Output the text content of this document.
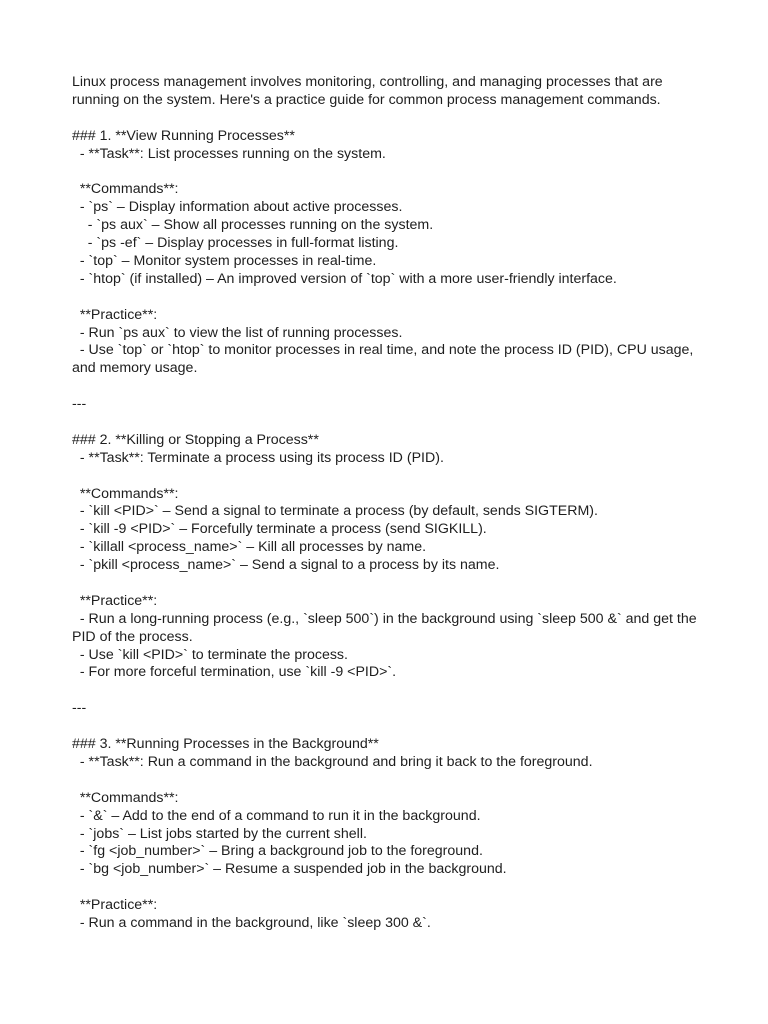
Linux process management involves monitoring, controlling, and managing processes that are running on the system. Here's a practice guide for common process management commands.
### 1. **View Running Processes**
- **Task**: List processes running on the system.
**Commands**:
- `ps` – Display information about active processes.
- `ps aux` – Show all processes running on the system.
- `ps -ef` – Display processes in full-format listing.
- `top` – Monitor system processes in real-time.
- `htop` (if installed) – An improved version of `top` with a more user-friendly interface.
**Practice**:
- Run `ps aux` to view the list of running processes.
- Use `top` or `htop` to monitor processes in real time, and note the process ID (PID), CPU usage, and memory usage.
---
### 2. **Killing or Stopping a Process**
- **Task**: Terminate a process using its process ID (PID).
**Commands**:
- `kill <PID>` – Send a signal to terminate a process (by default, sends SIGTERM).
- `kill -9 <PID>` – Forcefully terminate a process (send SIGKILL).
- `killall <process_name>` – Kill all processes by name.
- `pkill <process_name>` – Send a signal to a process by its name.
**Practice**:
- Run a long-running process (e.g., `sleep 500`) in the background using `sleep 500 &` and get the PID of the process.
- Use `kill <PID>` to terminate the process.
- For more forceful termination, use `kill -9 <PID>`.
---
### 3. **Running Processes in the Background**
- **Task**: Run a command in the background and bring it back to the foreground.
**Commands**:
- `&` – Add to the end of a command to run it in the background.
- `jobs` – List jobs started by the current shell.
- `fg <job_number>` – Bring a background job to the foreground.
- `bg <job_number>` – Resume a suspended job in the background.
**Practice**:
- Run a command in the background, like `sleep 300 &`.
